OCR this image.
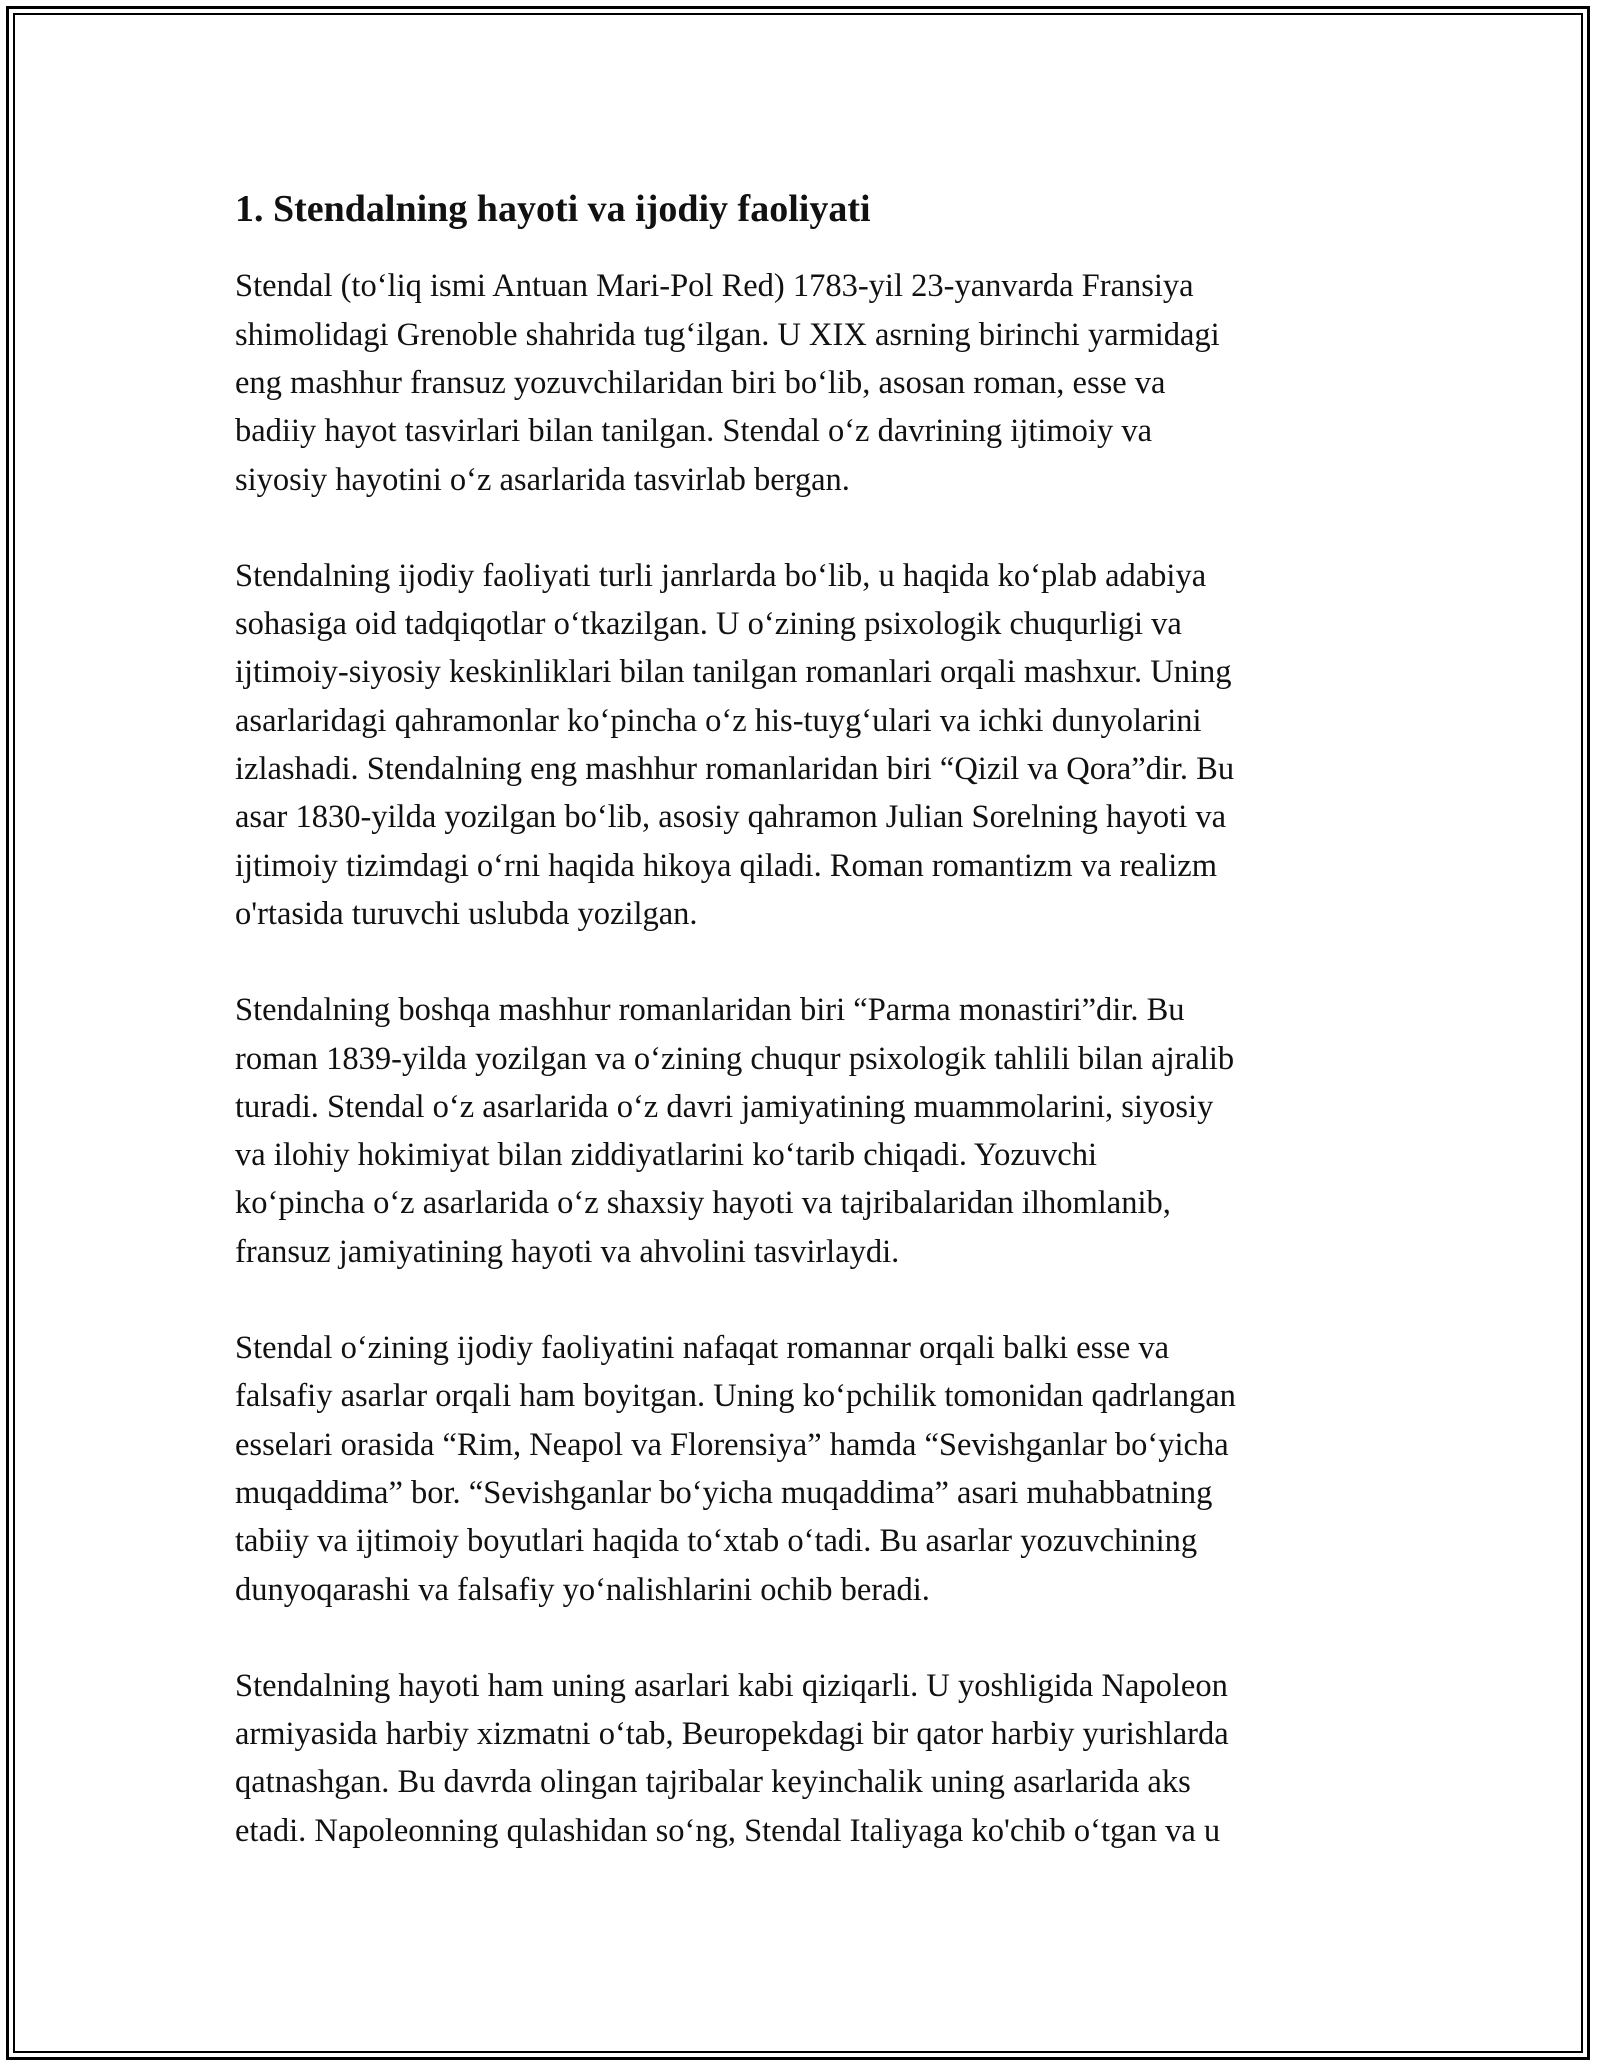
1. Stendalning hayoti va ijodiy faoliyati

Stendal (toʻliq ismi Antuan Mari-Pol Red) 1783-yil 23-yanvarda Fransiya
shimolidagi Grenoble shahrida tugʻilgan. U XIX asrning birinchi yarmidagi
eng mashhur fransuz yozuvchilaridan biri boʻlib, asosan roman, esse va
badiiy hayot tasvirlari bilan tanilgan. Stendal oʻz davrining ijtimoiy va
siyosiy hayotini oʻz asarlarida tasvirlab bergan.

Stendalning ijodiy faoliyati turli janrlarda boʻlib, u haqida koʻplab adabiya
sohasiga oid tadqiqotlar oʻtkazilgan. U oʻzining psixologik chuqurligi va
ijtimoiy-siyosiy keskinliklari bilan tanilgan romanlari orqali mashxur. Uning
asarlaridagi qahramonlar koʻpincha oʻz his-tuygʻulari va ichki dunyolarini
izlashadi. Stendalning eng mashhur romanlaridan biri “Qizil va Qora”dir. Bu
asar 1830-yilda yozilgan boʻlib, asosiy qahramon Julian Sorelning hayoti va
ijtimoiy tizimdagi oʻrni haqida hikoya qiladi. Roman romantizm va realizm
o'rtasida turuvchi uslubda yozilgan.

Stendalning boshqa mashhur romanlaridan biri “Parma monastiri”dir. Bu
roman 1839-yilda yozilgan va oʻzining chuqur psixologik tahlili bilan ajralib
turadi. Stendal oʻz asarlarida oʻz davri jamiyatining muammolarini, siyosiy
va ilohiy hokimiyat bilan ziddiyatlarini koʻtarib chiqadi. Yozuvchi
koʻpincha oʻz asarlarida oʻz shaxsiy hayoti va tajribalaridan ilhomlanib,
fransuz jamiyatining hayoti va ahvolini tasvirlaydi.

Stendal oʻzining ijodiy faoliyatini nafaqat romannar orqali balki esse va
falsafiy asarlar orqali ham boyitgan. Uning koʻpchilik tomonidan qadrlangan
esselari orasida “Rim, Neapol va Florensiya” hamda “Sevishganlar boʻyicha
muqaddima” bor. “Sevishganlar boʻyicha muqaddima” asari muhabbatning
tabiiy va ijtimoiy boyutlari haqida toʻxtab oʻtadi. Bu asarlar yozuvchining
dunyoqarashi va falsafiy yoʻnalishlarini ochib beradi.

Stendalning hayoti ham uning asarlari kabi qiziqarli. U yoshligida Napoleon
armiyasida harbiy xizmatni oʻtab, Beuropekdagi bir qator harbiy yurishlarda
qatnashgan. Bu davrda olingan tajribalar keyinchalik uning asarlarida aks
etadi. Napoleonning qulashidan soʻng, Stendal Italiyaga ko'chib oʻtgan va u
